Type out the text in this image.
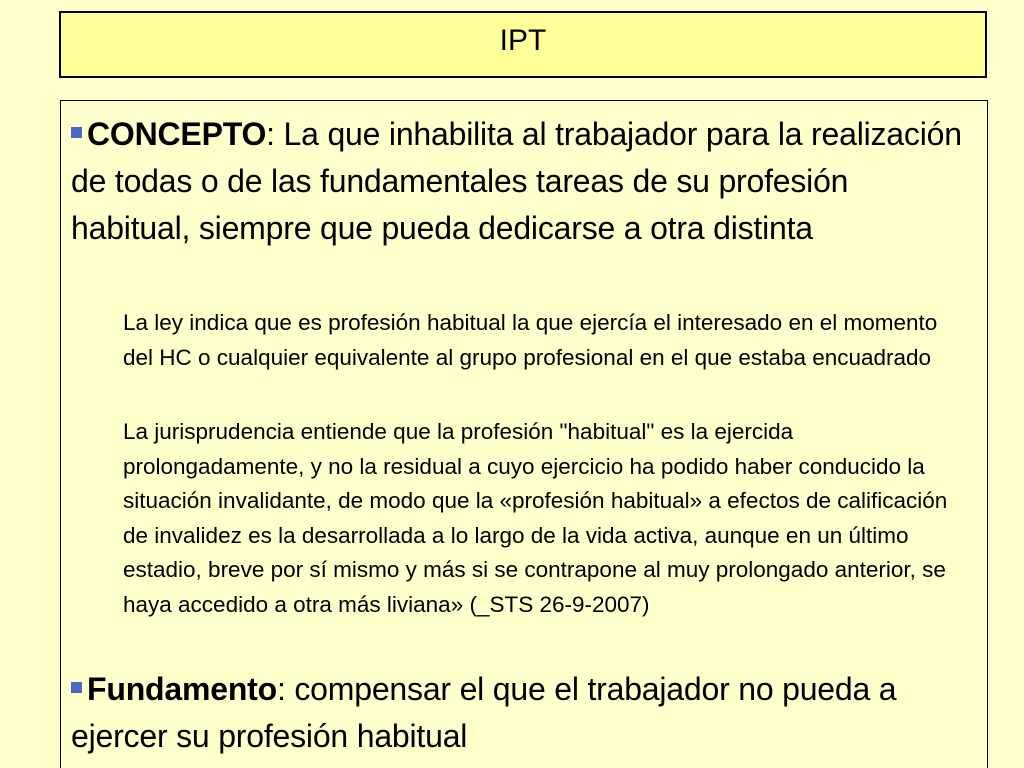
IPT
CONCEPTO: La que inhabilita al trabajador para la realización de todas o de las fundamentales tareas de su profesión habitual, siempre que pueda dedicarse a otra distinta
La ley indica que es profesión habitual la que ejercía el interesado en el momento del HC o cualquier equivalente al grupo profesional en el que estaba encuadrado
La jurisprudencia entiende que la profesión "habitual" es la ejercida prolongadamente, y no la residual a cuyo ejercicio ha podido haber conducido la situación invalidante, de modo que la «profesión habitual» a efectos de calificación de invalidez es la desarrollada a lo largo de la vida activa, aunque en un último estadio, breve por sí mismo y más si se contrapone al muy prolongado anterior, se haya accedido a otra más liviana» (_STS 26-9-2007)
Fundamento: compensar el que el trabajador no pueda a ejercer su profesión habitual
